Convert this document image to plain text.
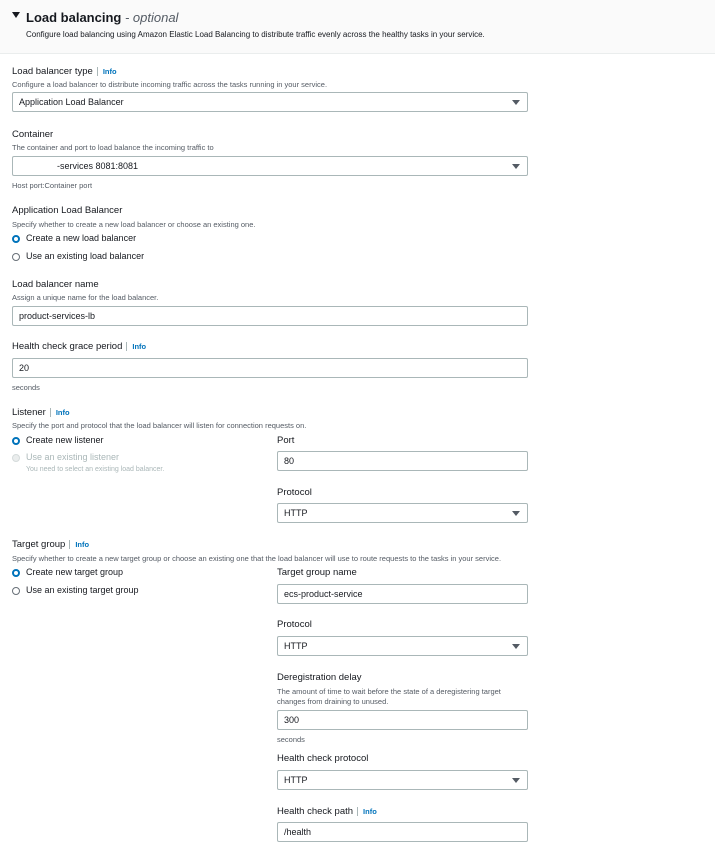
Load balancing - optional
Configure load balancing using Amazon Elastic Load Balancing to distribute traffic evenly across the healthy tasks in your service.
Load balancer type Info
Configure a load balancer to distribute incoming traffic across the tasks running in your service.
Application Load Balancer
Container
The container and port to load balance the incoming traffic to
-services 8081:8081
Host port:Container port
Application Load Balancer
Specify whether to create a new load balancer or choose an existing one.
Create a new load balancer
Use an existing load balancer
Load balancer name
Assign a unique name for the load balancer.
product-services-lb
Health check grace period Info
20
seconds
Listener Info
Specify the port and protocol that the load balancer will listen for connection requests on.
Create new listener
Use an existing listener
You need to select an existing load balancer.
Port
80
Protocol
HTTP
Target group Info
Specify whether to create a new target group or choose an existing one that the load balancer will use to route requests to the tasks in your service.
Create new target group
Use an existing target group
Target group name
ecs-product-service
Protocol
HTTP
Deregistration delay
The amount of time to wait before the state of a deregistering target
changes from draining to unused.
300
seconds
Health check protocol
HTTP
Health check path Info
/health
